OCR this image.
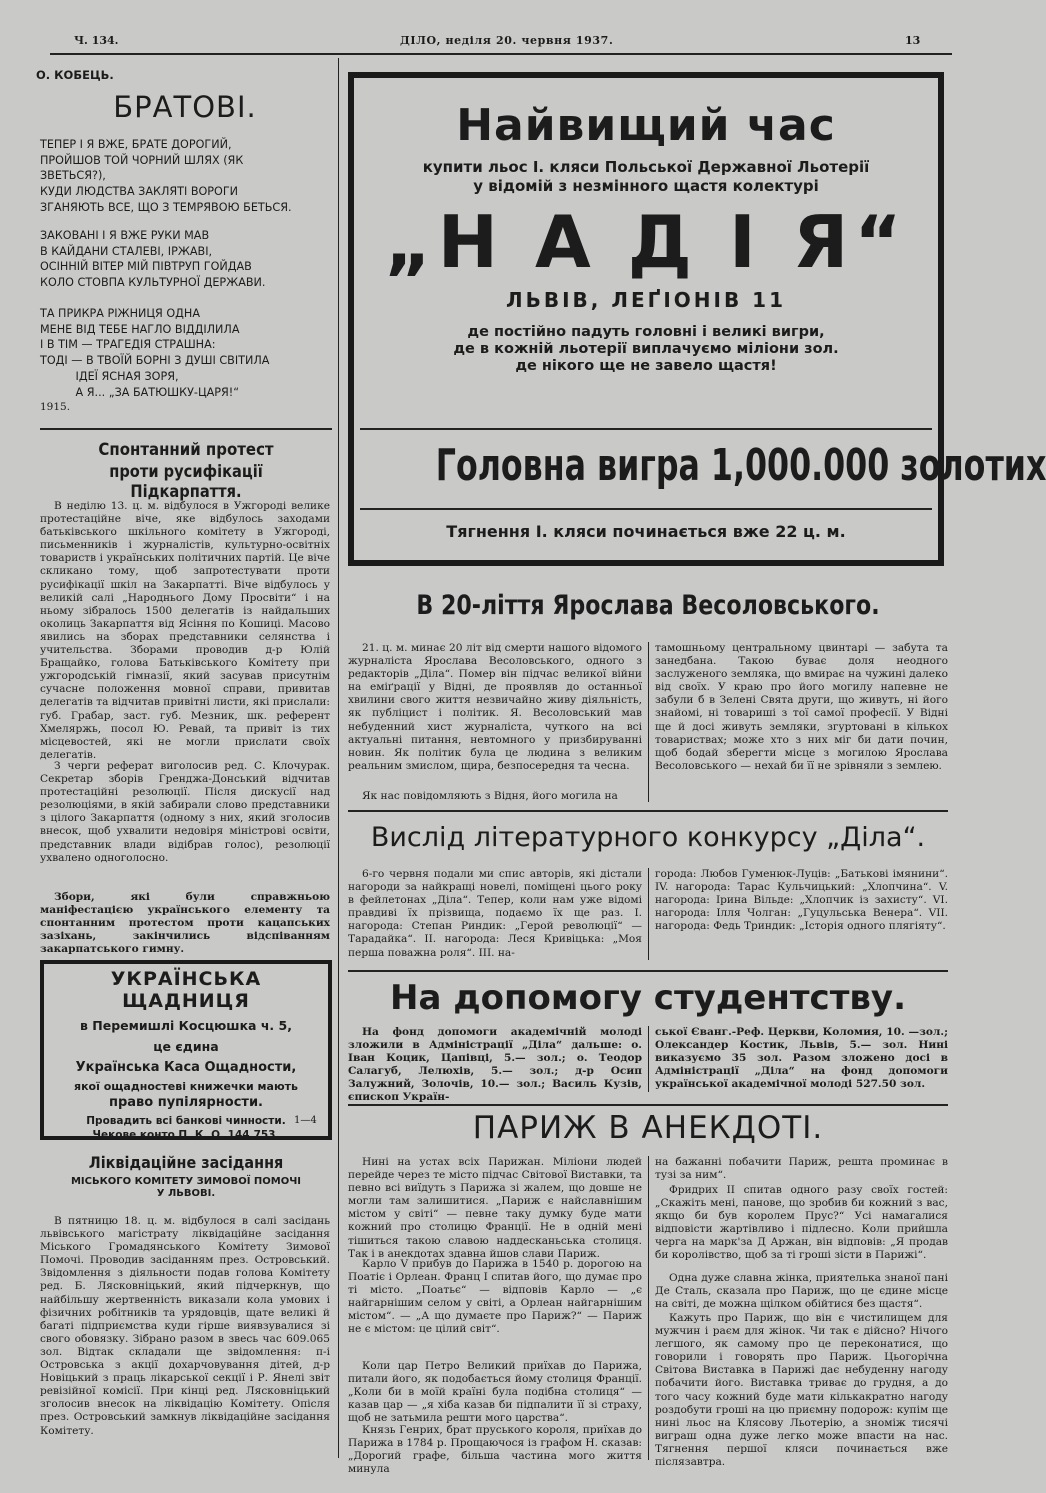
Ч. 134.	ДІЛО, неділя 20. червня 1937.	13
О. КОБЕЦЬ.
БРАТОВІ.
ТЕПЕР І Я ВЖЕ, БРАТЕ ДОРОГИЙ,
ПРОЙШОВ ТОЙ ЧОРНИЙ ШЛЯХ (ЯК
ЗВЕТЬСЯ?),
КУДИ ЛЮДСТВА ЗАКЛЯТІ ВОРОГИ
ЗГАНЯЮТЬ ВСЕ, ЩО З ТЕМРЯВОЮ БЕТЬСЯ.
ЗАКОВАНІ І Я ВЖЕ РУКИ МАВ
В КАЙДАНИ СТАЛЕВІ, ІРЖАВІ,
ОСІННІЙ ВІТЕР МІЙ ПІВТРУП ГОЙДАВ
КОЛО СТОВПА КУЛЬТУРНОЇ ДЕРЖАВИ.
ТА ПРИКРА РІЖНИЦЯ ОДНА
МЕНЕ ВІД ТЕБЕ НАГЛО ВІДДІЛИЛА
І В ТІМ — ТРАГЕДІЯ СТРАШНА:
ТОДІ — В ТВОЇЙ БОРНІ З ДУШІ СВІТИЛА
ІДЕЇ ЯСНАЯ ЗОРЯ,
А Я... „ЗА БАТЮШКУ-ЦАРЯ!“
1915.
Спонтанний протест
проти русифікації Підкарпаття.
В неділю 13. ц. м. відбулося в Ужгороді велике протестаційне віче, яке відбулось заходами батьківського шкільного комітету в Ужгороді, письменників і журналістів, культурно-освітніх товариств і українських політичних партій. Це віче скликано тому, щоб запротестувати проти русифікації шкіл на Закарпатті. Віче відбулось у великій салі „Народнього Дому Просвіти“ і на ньому зібралось 1500 делегатів із найдальших околиць Закарпаття від Ясіння по Кошиці. Масово явились на зборах представники селянства і учительства. Зборами проводив д-р Юлій Бращайко, голова Батьківського Комітету при ужгородській гімназії, який засував присутнім сучасне положення мовної справи, привитав делегатів та відчитав привітні листи, які прислали: губ. Грабар, заст. губ. Мезник, шк. референт Хмеляржь, посол Ю. Ревай, та привіт із тих місцевостей, які не могли прислати своїх делегатів.
З черги реферат виголосив ред. С. Клочурак. Секретар зборів Гренджа-Донський відчитав протестаційні резолюції. Після дискусії над резолюціями, в якій забирали слово представники з цілого Закарпаття (одному з них, який зголосив внесок, щоб ухвалити недовіря міністрові освіти, представник влади відібрав голос), резолюції ухвалено одноголосно.
Збори, які були справжньою маніфестацією українського елементу та спонтанним протестом проти кацапських зазіхань, закінчились відспіванням закарпатського гимну.
УКРАЇНСЬКА ЩАДНИЦЯ
в Перемишлі Косцюшка ч. 5,
це єдина
Українська Каса Ощадности,
якої ощадностеві книжечки мають
право пупілярности.
Провадить всі банкові чинности.
Чекове конто П. К. О. 144.753.
1—4
Ліквідаційне засідання
МІСЬКОГО КОМІТЕТУ ЗИМОВОЇ ПОМОЧІ
У ЛЬВОВІ.
В пятницю 18. ц. м. відбулося в салі засідань львівського магістрату ліквідаційне засідання Міського Громадянського Комітету Зимової Помочі. Проводив засіданням през. Островський. Звідомлення з діяльности подав голова Комітету ред. Б. Лясковніцький, який підчеркнув, що найбільшу жертвенність виказали кола умових і фізичних робітників та урядовців, щате великі й багаті підприємства куди гірше виявзувалися зі свого обовязку. Зібрано разом в звесь час 609.065 зол. Відтак складали ще звідомлення: п-і Островська з акції дохарчовування дітей, д-р Новіцький з праць лікарської секції і Р. Янелі звіт ревізійної комісії. При кінці ред. Лясковніцький зголосив внесок на ліквідацію Комітету. Опісля през. Островський замкнув ліквідаційне засідання Комітету.
Найвищий час
купити льос І. кляси Польської Державної Льотерії
у відомій з незмінного щастя колектурі
„Н А Д І Я“
ЛЬВІВ, ЛЕҐІОНІВ 11
де постійно падуть головні і великі вигри,
де в кожній льотерії виплачуємо міліони зол.
де нікого ще не завело щастя!
Головна вигра 1,000.000 золотих
Тягнення І. кляси починається вже 22 ц. м.
В 20-ліття Ярослава Весоловського.
21. ц. м. минає 20 літ від смерти нашого відомого журналіста Ярослава Весоловського, одного з редакторів „Діла“. Помер він підчас великої війни на еміґрації у Відні, де проявляв до останньої хвилини свого життя незвичайно живу діяльність, як публіцист і політик. Я. Весоловський мав небуденний хист журналіста, чуткого на всі актуальні питання, невтомного у призбируванні новин. Як політик була це людина з великим реальним змислом, щира, безпосередня та чесна.
Як нас повідомляють з Відня, його могила на
тамошньому центральному цвинтарі — забута та занедбана. Такою буває доля неодного заслуженого земляка, що вмирає на чужині далеко від своїх. У краю про його могилу напевне не забули б в Зелені Свята други, що живуть, ні його знайомі, ні товариші з тої самої професії. У Відні ще й досі живуть земляки, згуртовані в кількох товариствах; може хто з них міг би дати почин, щоб бодай зберегти місце з могилою Ярослава Весоловського — нехай би її не зрівняли з землею.
Вислід літературного конкурсу „Діла“.
6-го червня подали ми спис авторів, які дістали нагороди за найкращі новелі, поміщені цього року в фейлетонах „Діла“. Тепер, коли нам уже відомі правдиві їх прізвища, подаємо їх ще раз. І. нагорода: Степан Риндик: „Герой революції“ — Тарадайка“. ІІ. нагорода: Леся Кривіцька: „Моя перша поважна роля“. ІІІ. на-
города: Любов Гуменюк-Луців: „Батькові імянини“. IV. нагорода: Тарас Кульчицький: „Хлопчина“. V. нагорода: Ірина Вільде: „Хлопчик із захисту“. VI. нагорода: Ілля Чолган: „Гуцульська Венера“. VII. нагорода: Федь Триндик: „Історія одного плягіяту“.
На допомогу студентству.
На фонд допомоги академічній молоді зложили в Адміністрації „Діла“ дальше: о. Іван Коцик, Цапівці, 5.— зол.; о. Теодор Салагуб, Лелюхів, 5.— зол.; д-р Осип Залужний, Золочів, 10.— зол.; Василь Кузів, єпископ Україн-
ської Єванг.-Реф. Церкви, Коломия, 10. —зол.; Олександер Костик, Львів, 5.— зол. Нині виказуємо 35 зол. Разом зложено досі в Адміністрації „Діла“ на фонд допомоги української академічної молоді 527.50 зол.
ПАРИЖ В АНЕКДОТІ.
Нині на устах всіх Парижан. Міліони людей перейде через те місто підчас Світової Виставки, та певно всі виїдуть з Парижа зі жалем, що довше не могли там залишитися. „Париж є найславнішим містом у світі“ — певне таку думку буде мати кожний про столицю Франції. Не в одній мені тішиться такою славою наддесканьська столиця. Так і в анекдотах здавна йшов слави Париж.
Карло V прибув до Парижа в 1540 р. дорогою на Поатіє і Орлеан. Франц I спитав його, що думає про ті місто. „Поатьє“ — відповів Карло — „є найгарнішим селом у світі, а Орлеан найгарнішим містом“. — „А що думаєте про Париж?“ — Париж не є містом: це цілий світ“.
Коли цар Петро Великий приїхав до Парижа, питали його, як подобається йому столиця Франції. „Коли би в моїй країні була подібна столиця“ — казав цар — „я хіба казав би підпалити її зі страху, щоб не затьмила решти мого царства“.
Князь Генрих, брат пруського короля, приїхав до Парижа в 1784 р. Прощаючося із графом Н. сказав: „Дорогий графе, більша частина мого життя минула
на бажанні побачити Париж, решта проминає в тузі за ним“.
Фридрих II спитав одного разу своїх гостей: „Скажіть мені, панове, що зробив би кожний з вас, якщо би був королем Прус?“ Усі намагалися відповісти жартівливо і підлесно. Коли прийшла черга на марк'за Д Аржан, він відповів: „Я продав би королівство, щоб за ті гроші зісти в Парижі“.
Одна дуже славна жінка, приятелька знаної пані Де Сталь, сказала про Париж, що це єдине місце на світі, де можна щілком обійтися без щастя“.
Кажуть про Париж, що він є чистилищем для мужчин і раєм для жінок. Чи так є дійсно? Нічого легшого, як самому про це переконатися, що говорили і говорять про Париж. Цьогорічна Світова Виставка в Парижі дає небуденну нагоду побачити його. Виставка триває до грудня, а до того часу кожний буде мати кількакратно нагоду роздобути гроші на цю приємну подорож: купім ще нині льос на Клясову Льотерію, а зноміж тисячі виграш одна дуже легко може впасти на нас. Тягнення першої кляси починається вже післязавтра.
